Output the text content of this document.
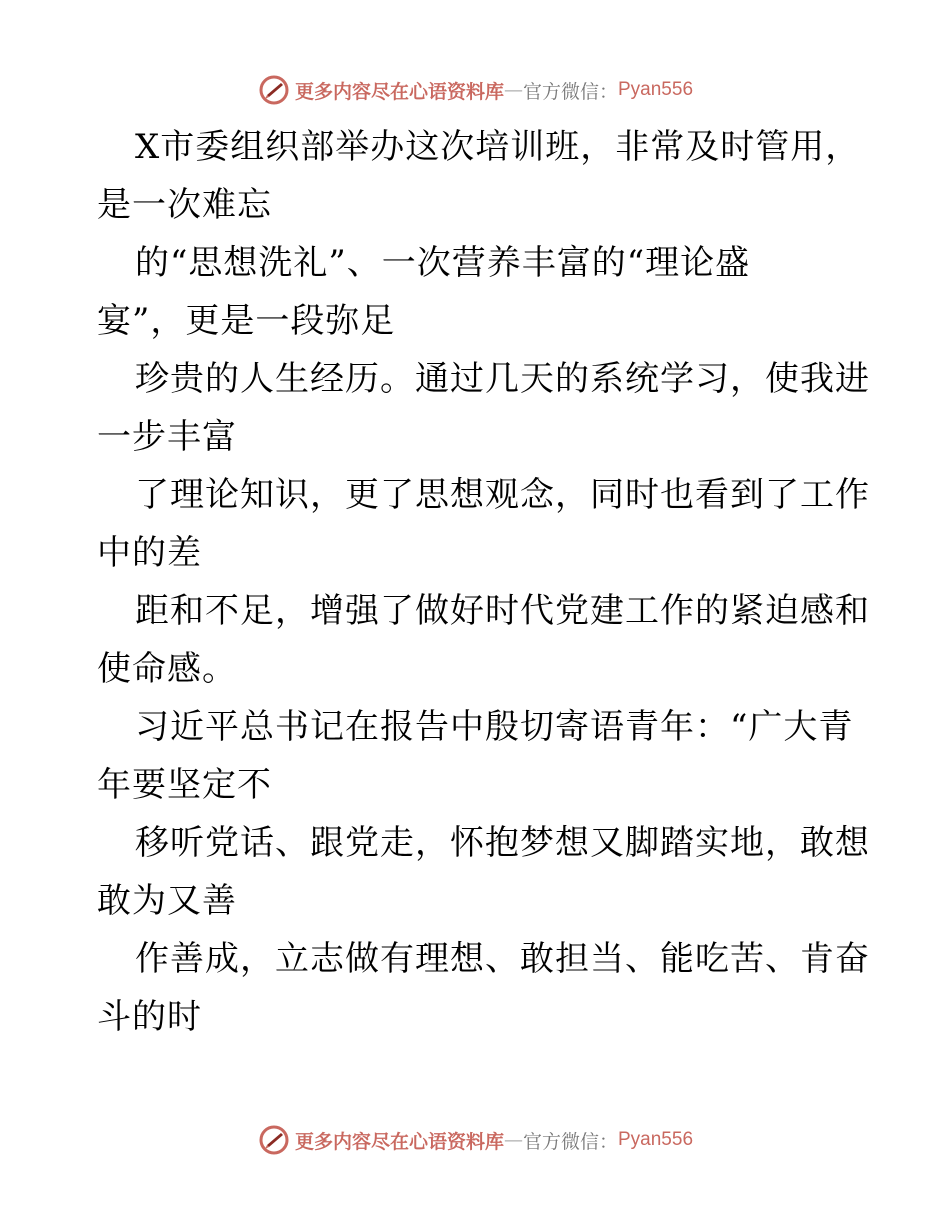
更多内容尽在心语资料库 — 官方微信： Pyan556
X市委组织部举办这次培训班，非常及时管用，
是一次难忘
的“思想洗礼”、一次营养丰富的“理论盛
宴”，更是一段弥足
珍贵的人生经历。通过几天的系统学习，使我进
一步丰富
了理论知识，更了思想观念，同时也看到了工作
中的差
距和不足，增强了做好时代党建工作的紧迫感和
使命感。
习近平总书记在报告中殷切寄语青年：“广大青
年要坚定不
移听党话、跟党走，怀抱梦想又脚踏实地，敢想
敢为又善
作善成，立志做有理想、敢担当、能吃苦、肯奋
斗的时
更多内容尽在心语资料库 — 官方微信： Pyan556
